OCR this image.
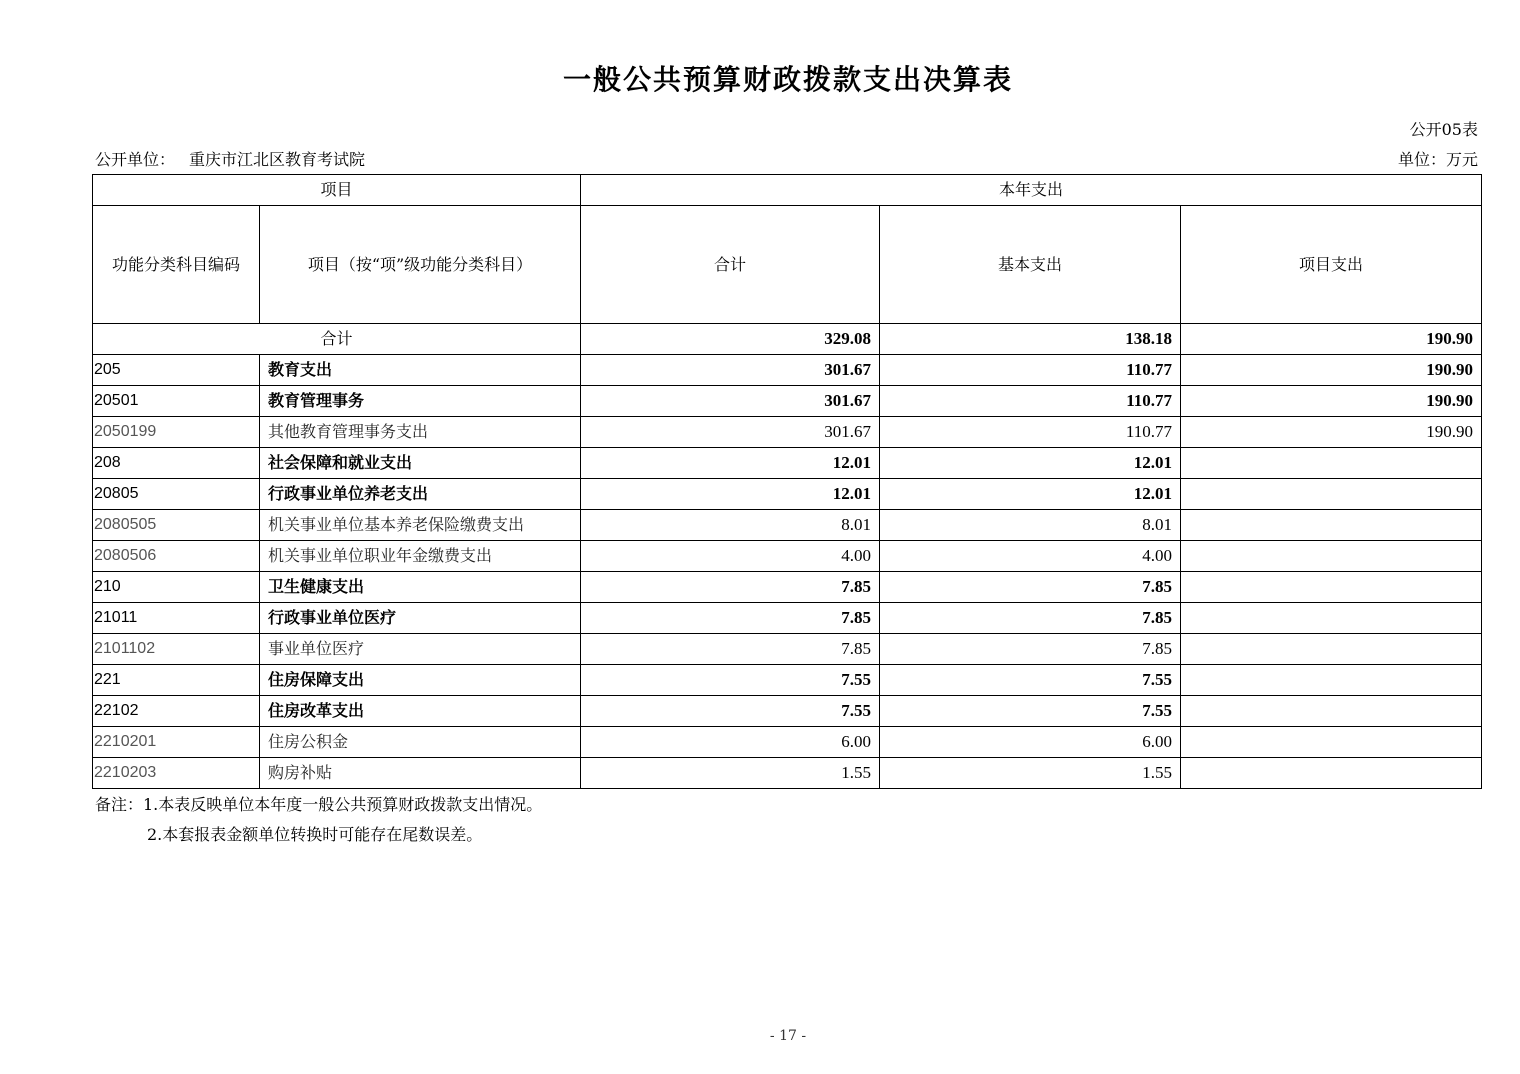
一般公共预算财政拨款支出决算表
公开05表
公开单位： 重庆市江北区教育考试院	单位：万元
项目		本年支出		
功能分类科目编码	项目（按“项”级功能分类科目）	合计	基本支出	项目支出
合计		329.08	138.18	190.90
205	教育支出	301.67	110.77	190.90
20501	教育管理事务	301.67	110.77	190.90
2050199	其他教育管理事务支出	301.67	110.77	190.90
208	社会保障和就业支出	12.01	12.01	
20805	行政事业单位养老支出	12.01	12.01	
2080505	机关事业单位基本养老保险缴费支出	8.01	8.01	
2080506	机关事业单位职业年金缴费支出	4.00	4.00	
210	卫生健康支出	7.85	7.85	
21011	行政事业单位医疗	7.85	7.85	
2101102	事业单位医疗	7.85	7.85	
221	住房保障支出	7.55	7.55	
22102	住房改革支出	7.55	7.55	
2210201	住房公积金	6.00	6.00	
2210203	购房补贴	1.55	1.55	
备注：1.本表反映单位本年度一般公共预算财政拨款支出情况。
2.本套报表金额单位转换时可能存在尾数误差。
- 17 -
